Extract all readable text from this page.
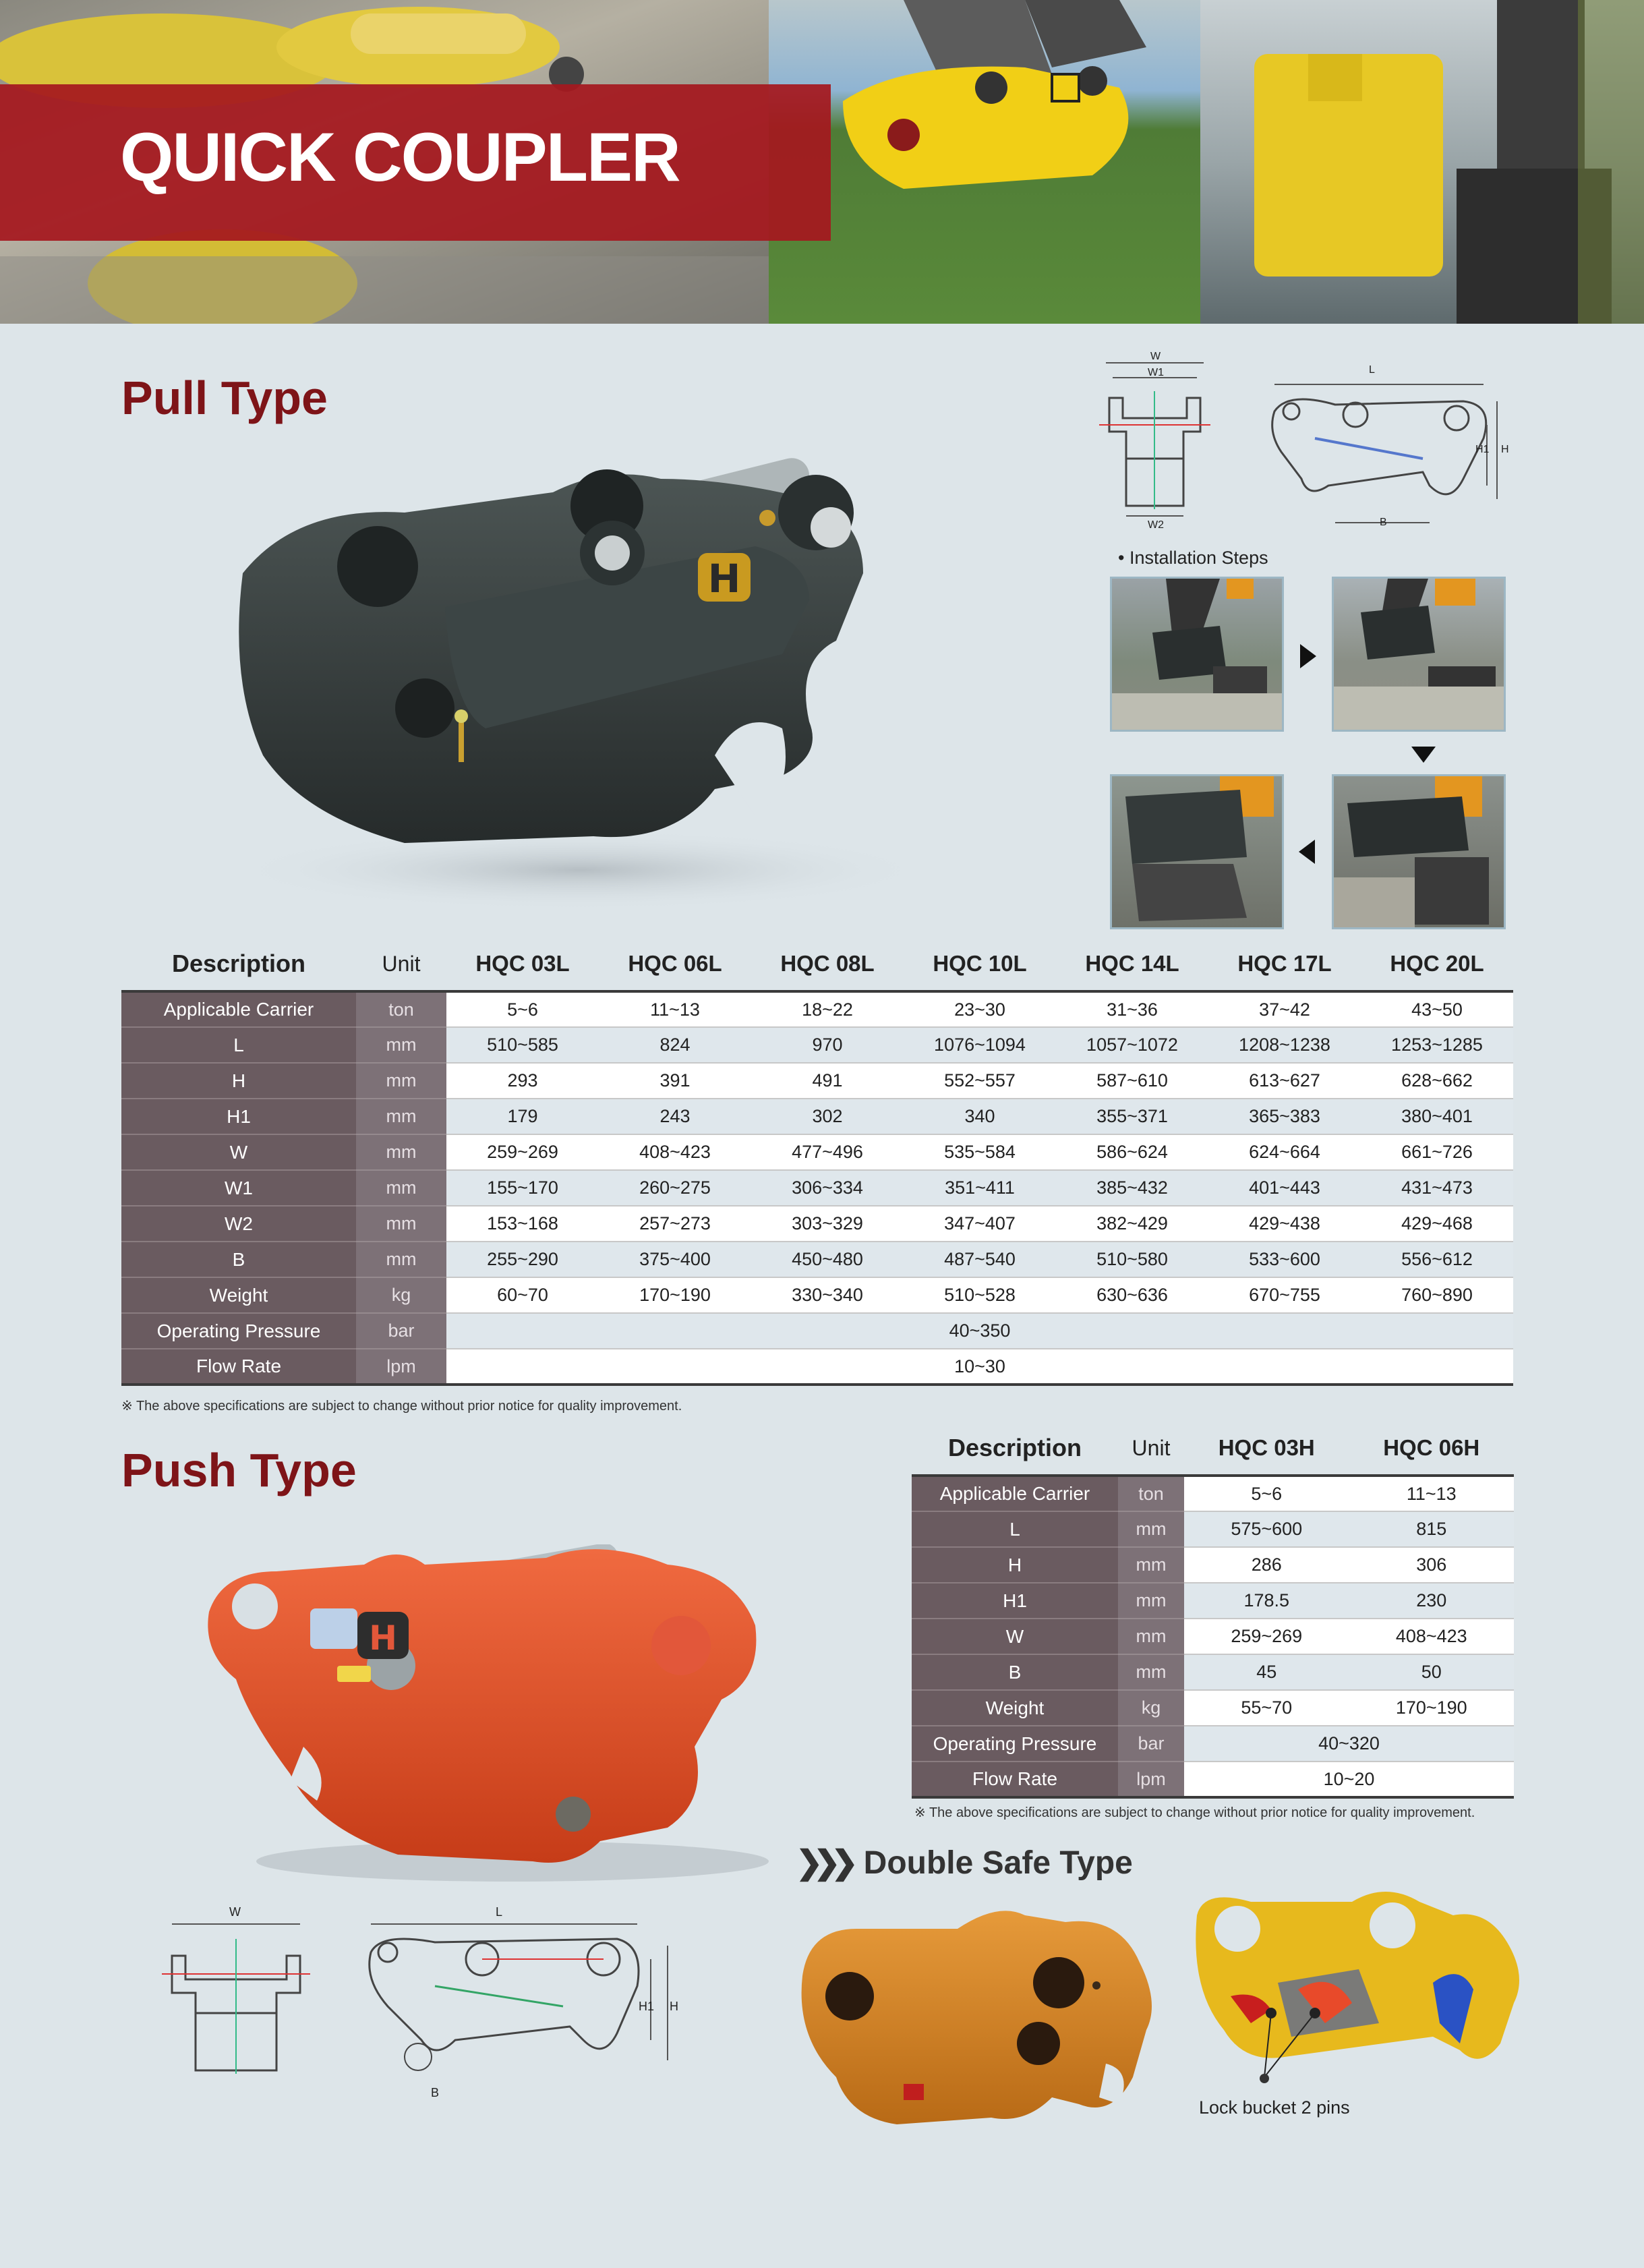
QUICK COUPLER
Pull Type
H
W
W1
W2
L
H
H1
B
• Installation Steps
Description	Unit	HQC 03L	HQC 06L	HQC 08L	HQC 10L	HQC 14L	HQC 17L	HQC 20L
Applicable Carrier	ton	5~6	11~13	18~22	23~30	31~36	37~42	43~50
L	mm	510~585	824	970	1076~1094	1057~1072	1208~1238	1253~1285
H	mm	293	391	491	552~557	587~610	613~627	628~662
H1	mm	179	243	302	340	355~371	365~383	380~401
W	mm	259~269	408~423	477~496	535~584	586~624	624~664	661~726
W1	mm	155~170	260~275	306~334	351~411	385~432	401~443	431~473
W2	mm	153~168	257~273	303~329	347~407	382~429	429~438	429~468
B	mm	255~290	375~400	450~480	487~540	510~580	533~600	556~612
Weight	kg	60~70	170~190	330~340	510~528	630~636	670~755	760~890
Operating Pressure	bar	40~350						
Flow Rate	lpm	10~30						
※ The above specifications are subject to change without prior notice for quality improvement.
Push Type
H
W	L
H
H1
B
Description	Unit	HQC 03H	HQC 06H
Applicable Carrier	ton	5~6	11~13
L	mm	575~600	815
H	mm	286	306
H1	mm	178.5	230
W	mm	259~269	408~423
B	mm	45	50
Weight	kg	55~70	170~190
Operating Pressure	bar	40~320	
Flow Rate	lpm	10~20	
※ The above specifications are subject to change without prior notice for quality improvement.
❯❯❯ Double Safe Type
Lock bucket 2 pins
